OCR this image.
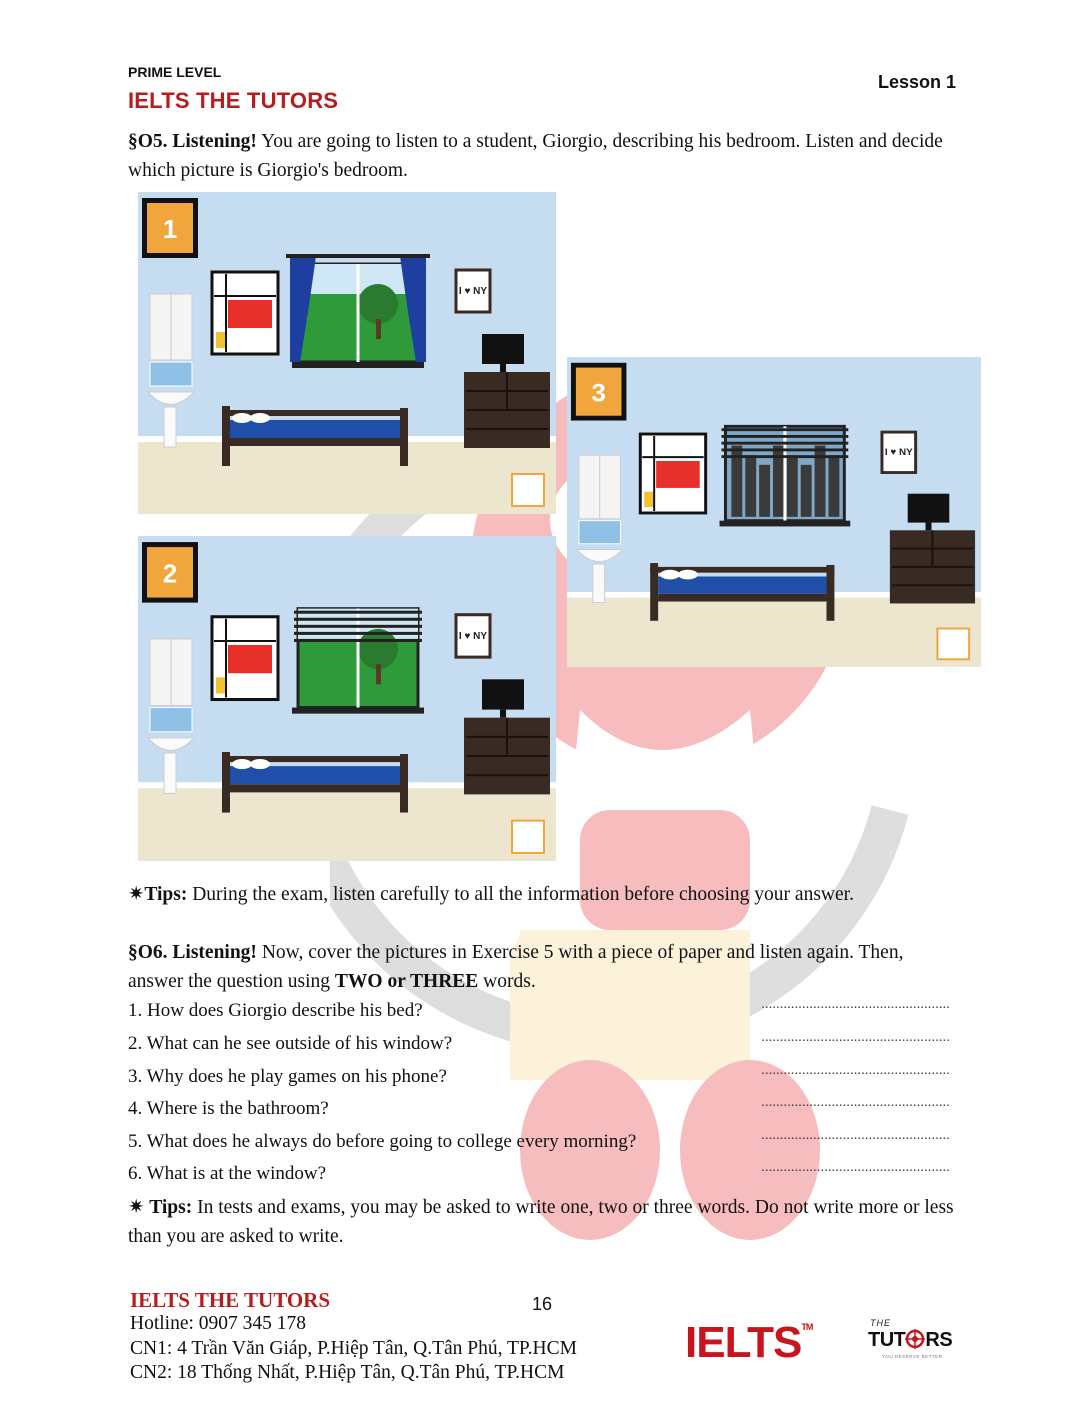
PRIME LEVEL
IELTS THE TUTORS
Lesson 1
§O5. Listening! You are going to listen to a student, Giorgio, describing his bedroom. Listen and decide which picture is Giorgio's bedroom.
1
I ♥ NY
2
I ♥ NY
3
I ♥ NY
✷Tips: During the exam, listen carefully to all the information before choosing your answer.
§O6. Listening! Now, cover the pictures in Exercise 5 with a piece of paper and listen again. Then, answer the question using TWO or THREE words.
1. How does Giorgio describe his bed?	...................................................
2. What can he see outside of his window?	...................................................
3. Why does he play games on his phone?	...................................................
4. Where is the bathroom?	...................................................
5. What does he always do before going to college every morning?	...................................................
6. What is at the window?	...................................................
✷ Tips: In tests and exams, you may be asked to write one, two or three words. Do not write more or less than you are asked to write.
IELTS THE TUTORS	16
Hotline: 0907 345 178
CN1: 4 Trần Văn Giáp, P.Hiệp Tân, Q.Tân Phú, TP.HCM
CN2: 18 Thống Nhất, P.Hiệp Tân, Q.Tân Phú, TP.HCM
IELTS™	THE
TUT RS
YOU DESERVE BETTER
